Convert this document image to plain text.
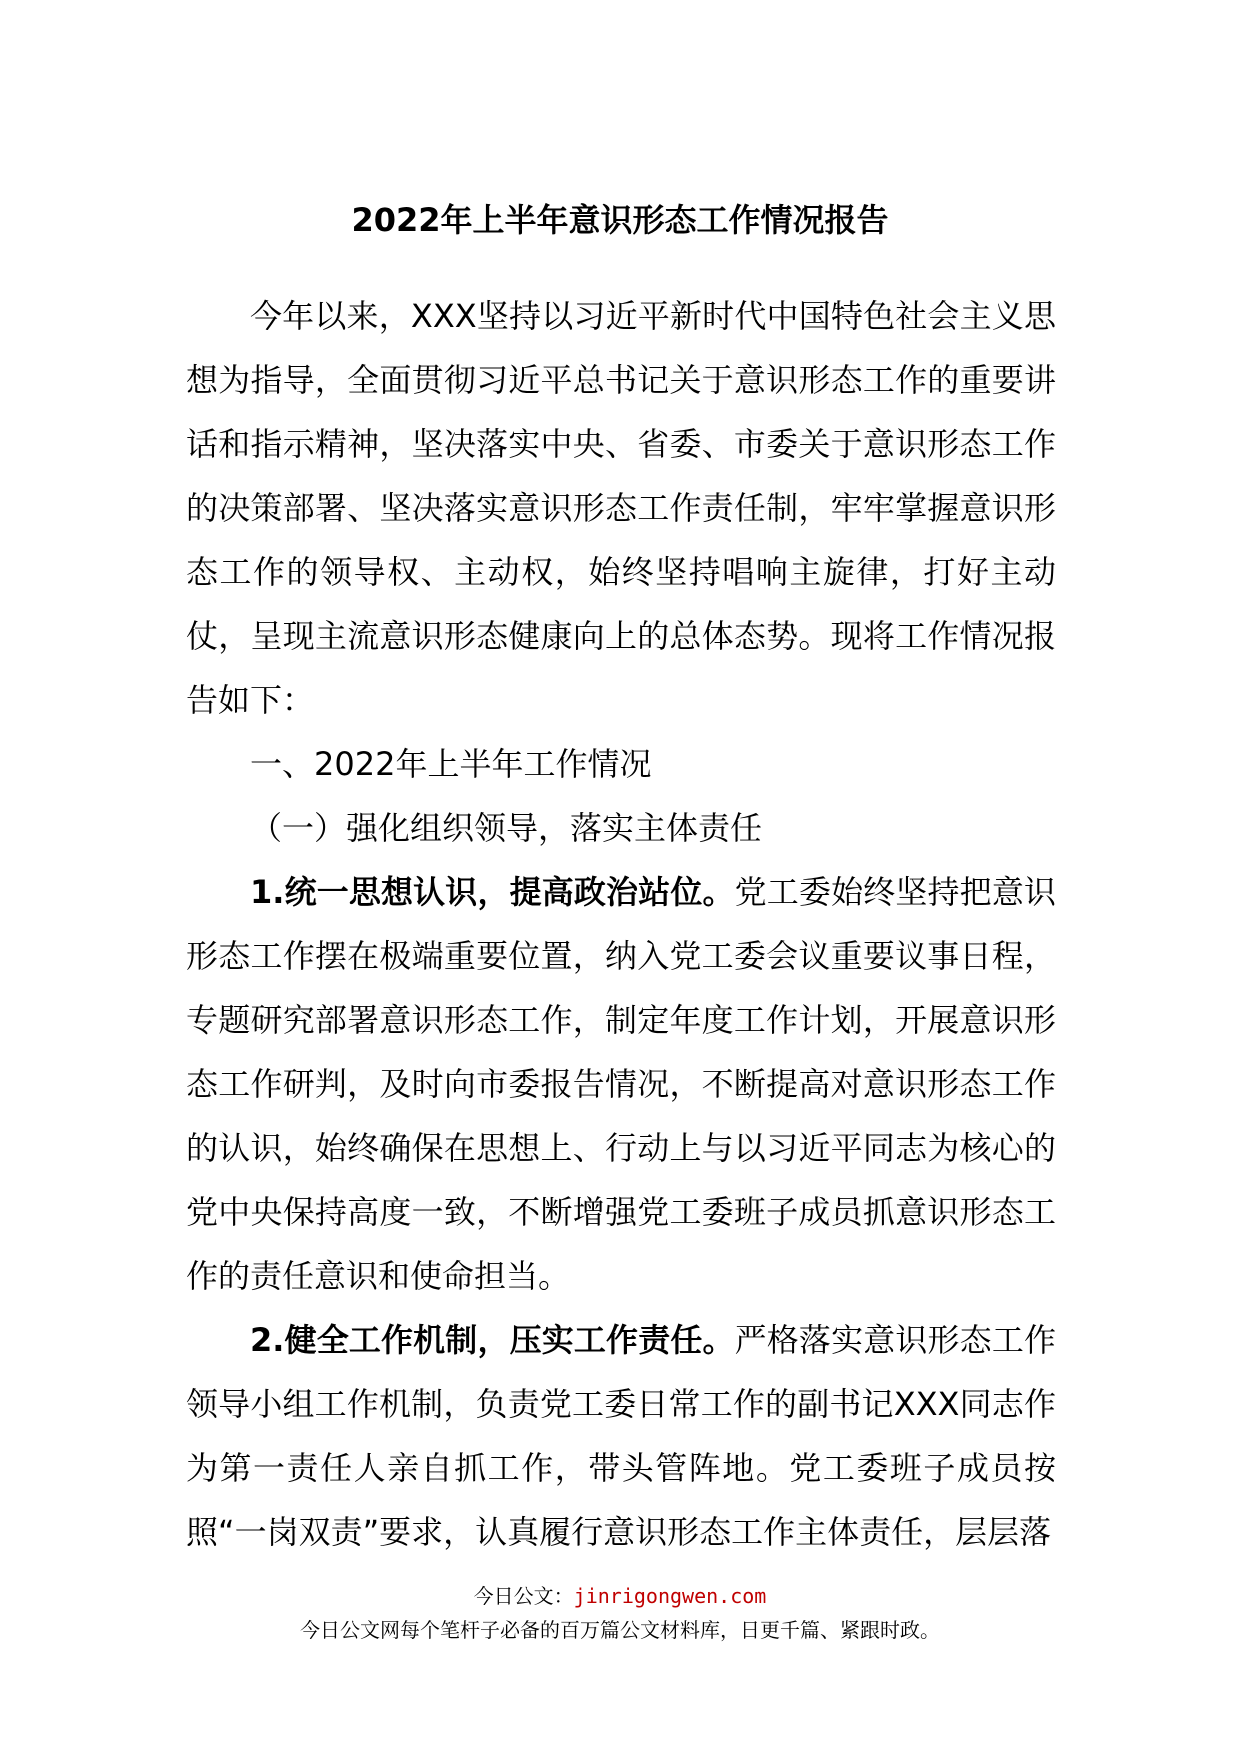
2022年上半年意识形态工作情况报告

今年以来，XXX坚持以习近平新时代中国特色社会主义思想为指导，全面贯彻习近平总书记关于意识形态工作的重要讲话和指示精神，坚决落实中央、省委、市委关于意识形态工作的决策部署、坚决落实意识形态工作责任制，牢牢掌握意识形态工作的领导权、主动权，始终坚持唱响主旋律，打好主动仗，呈现主流意识形态健康向上的总体态势。现将工作情况报告如下：

一、2022年上半年工作情况

（一）强化组织领导，落实主体责任

1.统一思想认识，提高政治站位。党工委始终坚持把意识形态工作摆在极端重要位置，纳入党工委会议重要议事日程，专题研究部署意识形态工作，制定年度工作计划，开展意识形态工作研判，及时向市委报告情况，不断提高对意识形态工作的认识，始终确保在思想上、行动上与以习近平同志为核心的党中央保持高度一致，不断增强党工委班子成员抓意识形态工作的责任意识和使命担当。

2.健全工作机制，压实工作责任。严格落实意识形态工作领导小组工作机制，负责党工委日常工作的副书记XXX同志作为第一责任人亲自抓工作，带头管阵地。党工委班子成员按照“一岗双责”要求，认真履行意识形态工作主体责任，层层落

今日公文：jinrigongwen.com
今日公文网每个笔杆子必备的百万篇公文材料库，日更千篇、紧跟时政。
